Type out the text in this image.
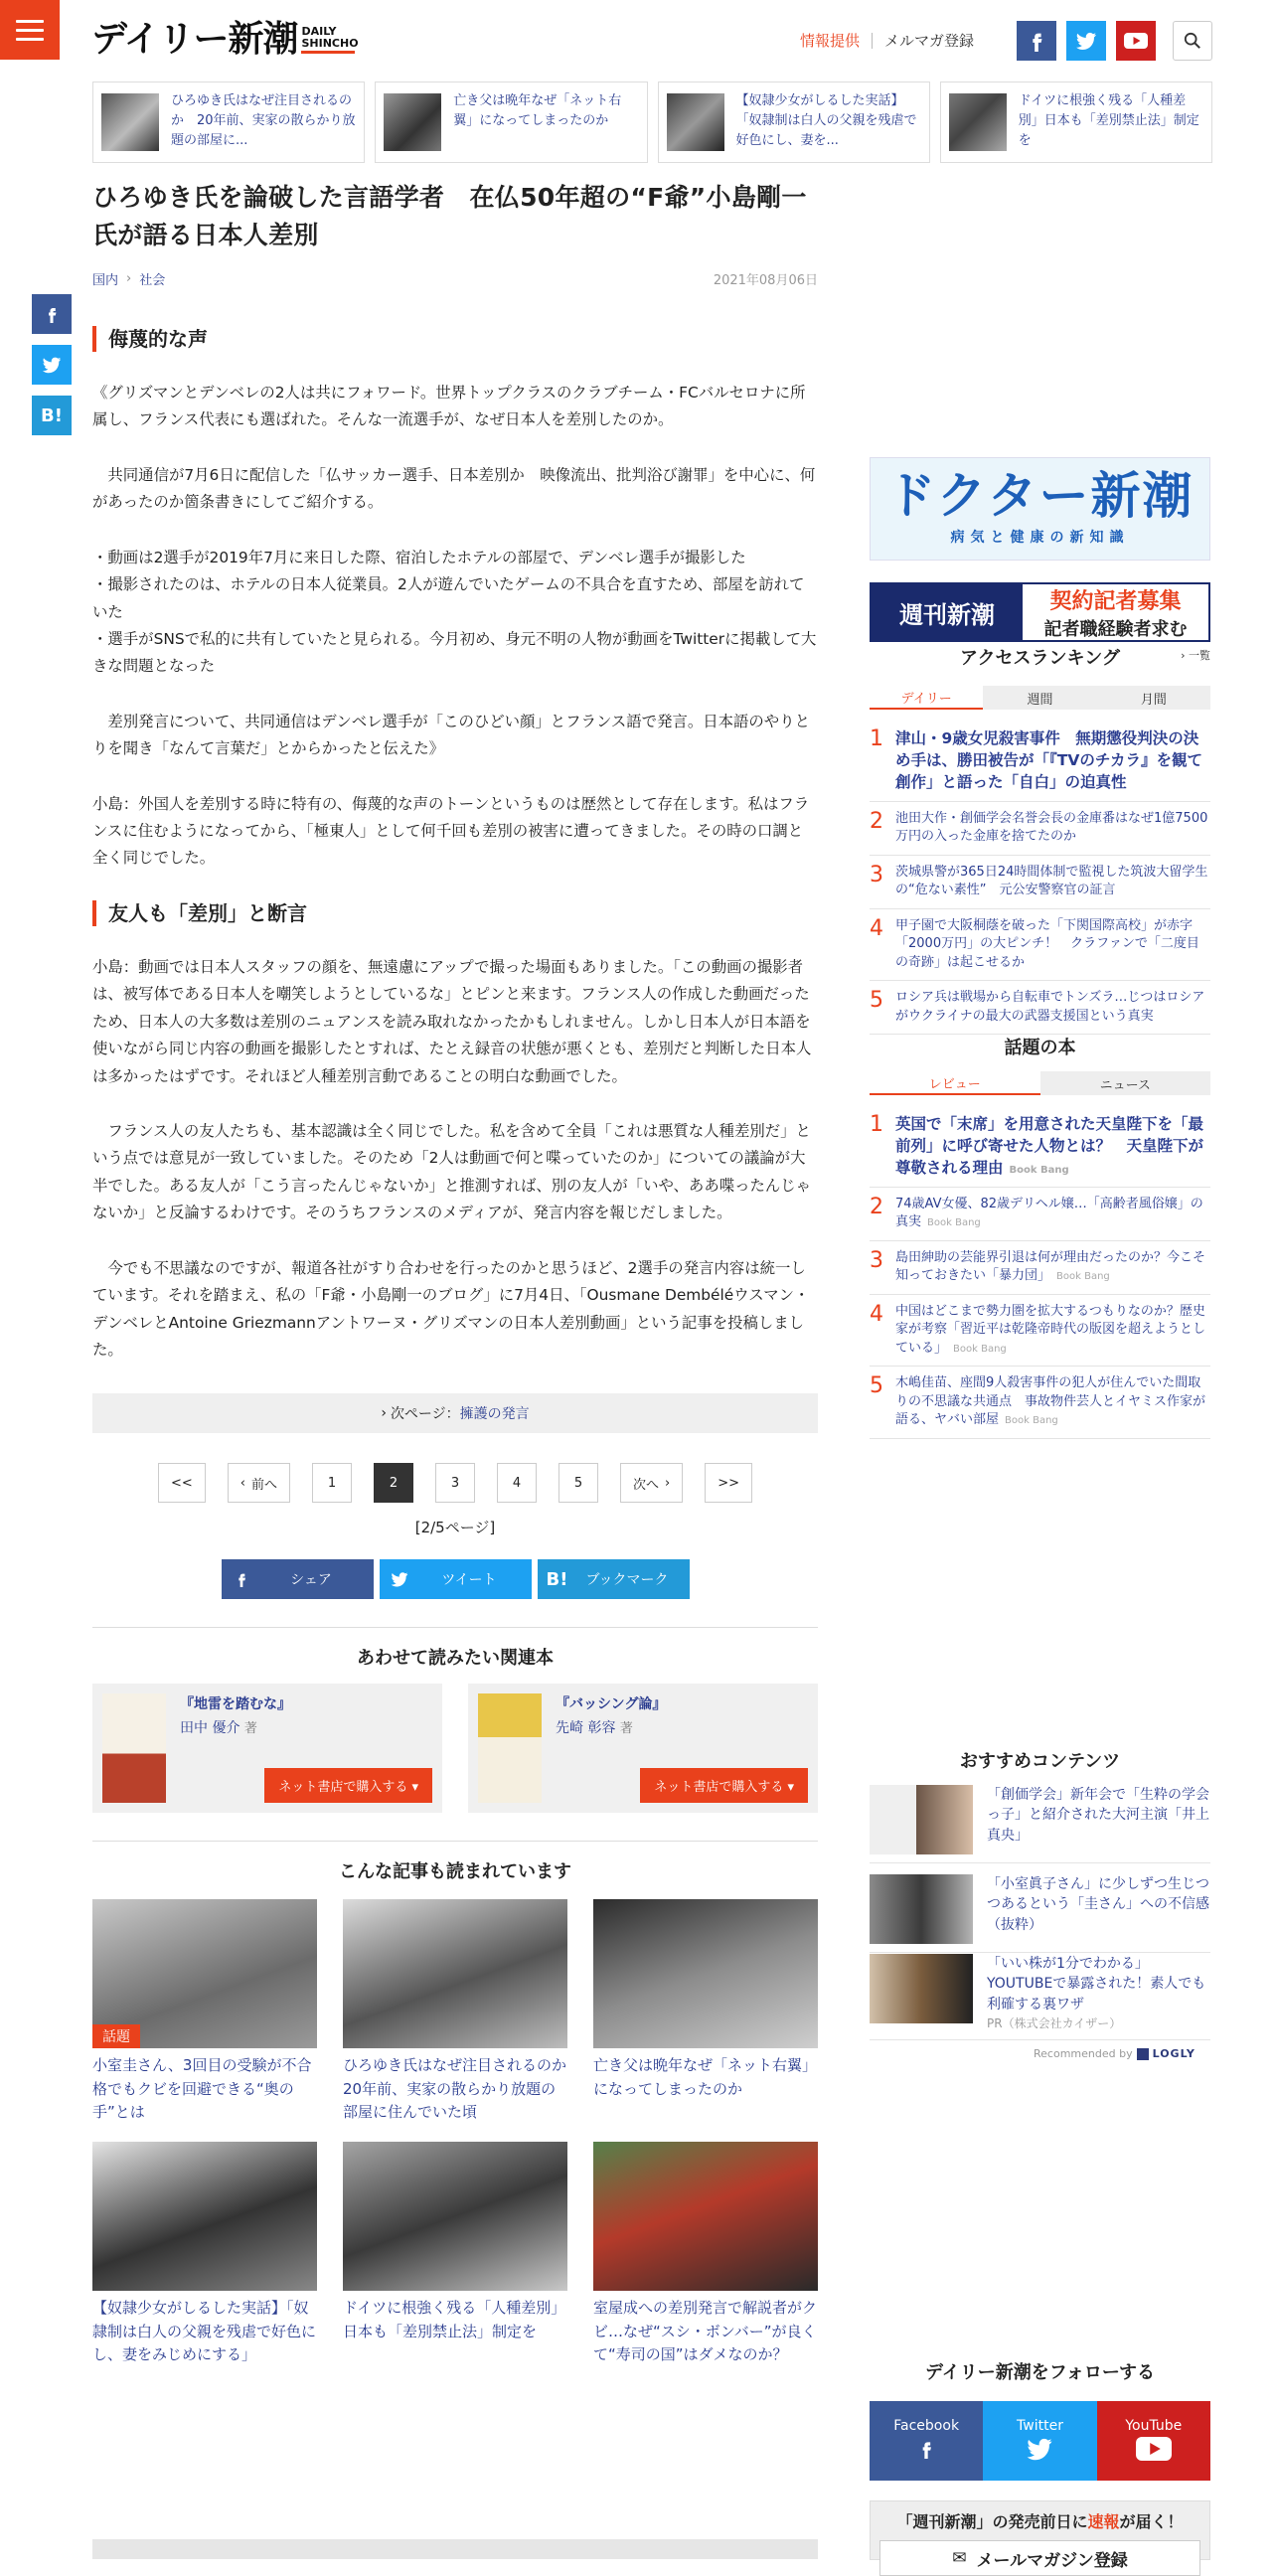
デイリー新潮 DAILY
SHINCHO	情報提供 メルマガ登録
ひろゆき氏はなぜ注目されるのか　20年前、実家の散らかり放題の部屋に...
亡き父は晩年なぜ「ネット右翼」になってしまったのか
【奴隷少女がしるした実話】「奴隷制は白人の父親を残虐で好色にし、妻を...
ドイツに根強く残る「人種差別」日本も「差別禁止法」制定を
B!
ひろゆき氏を論破した言語学者　在仏50年超の“F爺”小島剛一氏が語る日本人差別
国内 › 社会	2021年08月06日
侮蔑的な声

《グリズマンとデンベレの2人は共にフォワード。世界トップクラスのクラブチーム・FCバルセロナに所属し、フランス代表にも選ばれた。そんな一流選手が、なぜ日本人を差別したのか。

　共同通信が7月6日に配信した「仏サッカー選手、日本差別か　映像流出、批判浴び謝罪」を中心に、何があったのか箇条書きにしてご紹介する。

・動画は2選手が2019年7月に来日した際、宿泊したホテルの部屋で、デンベレ選手が撮影した
・撮影されたのは、ホテルの日本人従業員。2人が遊んでいたゲームの不具合を直すため、部屋を訪れていた
・選手がSNSで私的に共有していたと見られる。今月初め、身元不明の人物が動画をTwitterに掲載して大きな問題となった

　差別発言について、共同通信はデンベレ選手が「このひどい顔」とフランス語で発言。日本語のやりとりを聞き「なんて言葉だ」とからかったと伝えた》

小島：外国人を差別する時に特有の、侮蔑的な声のトーンというものは歴然として存在します。私はフランスに住むようになってから、「極東人」として何千回も差別の被害に遭ってきました。その時の口調と全く同じでした。

友人も「差別」と断言

小島：動画では日本人スタッフの顔を、無遠慮にアップで撮った場面もありました。「この動画の撮影者は、被写体である日本人を嘲笑しようとしているな」とピンと来ます。フランス人の作成した動画だったため、日本人の大多数は差別のニュアンスを読み取れなかったかもしれません。しかし日本人が日本語を使いながら同じ内容の動画を撮影したとすれば、たとえ録音の状態が悪くとも、差別だと判断した日本人は多かったはずです。それほど人種差別言動であることの明白な動画でした。

　フランス人の友人たちも、基本認識は全く同じでした。私を含めて全員「これは悪質な人種差別だ」という点では意見が一致していました。そのため「2人は動画で何と喋っていたのか」についての議論が大半でした。ある友人が「こう言ったんじゃないか」と推測すれば、別の友人が「いや、ああ喋ったんじゃないか」と反論するわけです。そのうちフランスのメディアが、発言内容を報じだしました。

　今でも不思議なのですが、報道各社がすり合わせを行ったのかと思うほど、2選手の発言内容は統一しています。それを踏まえ、私の「F爺・小島剛一のブログ」に7月4日、「Ousmane Dembéléウスマン・デンベレとAntoine Griezmannアントワーヌ・グリズマンの日本人差別動画」という記事を投稿しました。

› 次ページ： 擁護の発言
<<	‹ 前へ	1	2	3	4	5	次へ ›	>>
[2/5ページ]
シェア	ツイート	B!	ブックマーク
あわせて読みたい関連本
『地雷を踏むな』
田中 優介 著
ネット書店で購入する ▾
『バッシング論』
先崎 彰容 著
ネット書店で購入する ▾
こんな記事も読まれています
話題
小室圭さん、3回目の受験が不合格でもクビを回避できる“奥の手”とは
ひろゆき氏はなぜ注目されるのか　20年前、実家の散らかり放題の部屋に住んでいた頃
亡き父は晩年なぜ「ネット右翼」になってしまったのか
【奴隷少女がしるした実話】「奴隷制は白人の父親を残虐で好色にし、妻をみじめにする」
ドイツに根強く残る「人種差別」日本も「差別禁止法」制定を
室屋成への差別発言で解説者がクビ…なぜ“スシ・ボンバー”が良くて“寿司の国”はダメなのか？
ドクター新潮
病気と健康の新知識
週刊新潮	契約記者募集
記者職経験者求む
アクセスランキング	› 一覧
デイリー	週間	月間
1 津山・9歳女児殺害事件　無期懲役判決の決め手は、勝田被告が「『TVのチカラ』を観て創作」と語った「自白」の迫真性
2 池田大作・創価学会名誉会長の金庫番はなぜ1億7500万円の入った金庫を捨てたのか
3 茨城県警が365日24時間体制で監視した筑波大留学生の“危ない素性”　元公安警察官の証言
4 甲子園で大阪桐蔭を破った「下関国際高校」が赤字「2000万円」の大ピンチ！　クラファンで「二度目の奇跡」は起こせるか
5 ロシア兵は戦場から自転車でトンズラ…じつはロシアがウクライナの最大の武器支援国という真実
話題の本
レビュー	ニュース
1 英国で「末席」を用意された天皇陛下を「最前列」に呼び寄せた人物とは？　天皇陛下が尊敬される理由 Book Bang
2 74歳AV女優、82歳デリヘル嬢…「高齢者風俗嬢」の真実 Book Bang
3 島田紳助の芸能界引退は何が理由だったのか？今こそ知っておきたい「暴力団」 Book Bang
4 中国はどこまで勢力圏を拡大するつもりなのか？歴史家が考察「習近平は乾隆帝時代の版図を超えようとしている」 Book Bang
5 木嶋佳苗、座間9人殺害事件の犯人が住んでいた間取りの不思議な共通点　事故物件芸人とイヤミス作家が語る、ヤバい部屋 Book Bang
おすすめコンテンツ
「創価学会」新年会で「生粋の学会っ子」と紹介された大河主演「井上真央」
「小室眞子さん」に少しずつ生じつつあるという「圭さん」への不信感（抜粋）
「いい株が1分でわかる」YOUTUBEで暴露された！素人でも利確する裏ワザ
PR（株式会社カイザー）
Recommended by LOGLY
デイリー新潮をフォローする
Facebook	Twitter	YouTube
「週刊新潮」の発売前日に速報が届く！
✉ メールマガジン登録
